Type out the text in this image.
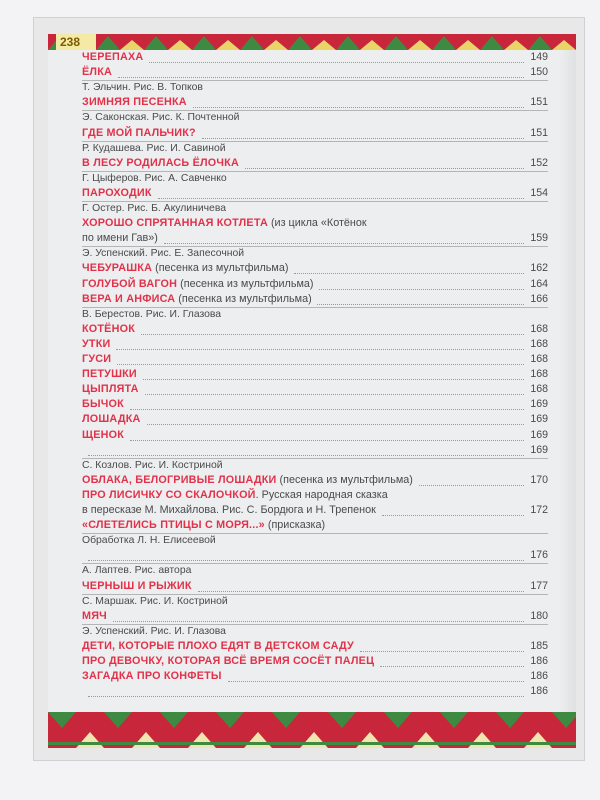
238
ЧЕРЕПАХА	149
ЁЛКА	150
Т. Эльчин. Рис. В. Топков
ЗИМНЯЯ ПЕСЕНКА	151
Э. Саконская. Рис. К. Почтенной
ГДЕ МОЙ ПАЛЬЧИК?	151
Р. Кудашева. Рис. И. Савиной
В ЛЕСУ РОДИЛАСЬ ЁЛОЧКА	152
Г. Цыферов. Рис. А. Савченко
ПАРОХОДИК	154
Г. Остер. Рис. Б. Акулиничева
ХОРОШО СПРЯТАННАЯ КОТЛЕТА (из цикла «Котёнок
по имени Гав»)	159
Э. Успенский. Рис. Е. Запесочной
ЧЕБУРАШКА (песенка из мультфильма)	162
ГОЛУБОЙ ВАГОН (песенка из мультфильма)	164
ВЕРА И АНФИСА (песенка из мультфильма)	166
В. Берестов. Рис. И. Глазова
КОТЁНОК	168
УТКИ	168
ГУСИ	168
ПЕТУШКИ	168
ЦЫПЛЯТА	168
БЫЧОК	169
ЛОШАДКА	169
ЩЕНОК	169
169
С. Козлов. Рис. И. Костриной
ОБЛАКА, БЕЛОГРИВЫЕ ЛОШАДКИ (песенка из мультфильма)	170
ПРО ЛИСИЧКУ СО СКАЛОЧКОЙ. Русская народная сказка
в пересказе М. Михайлова. Рис. С. Бордюга и Н. Трепенок	172
«СЛЕТЕЛИСЬ ПТИЦЫ С МОРЯ...» (присказка)
Обработка Л. Н. Елисеевой
176
А. Лаптев. Рис. автора
ЧЕРНЫШ И РЫЖИК	177
С. Маршак. Рис. И. Костриной
МЯЧ	180
Э. Успенский. Рис. И. Глазова
ДЕТИ, КОТОРЫЕ ПЛОХО ЕДЯТ В ДЕТСКОМ САДУ	185
ПРО ДЕВОЧКУ, КОТОРАЯ ВСЁ ВРЕМЯ СОСЁТ ПАЛЕЦ	186
ЗАГАДКА ПРО КОНФЕТЫ	186
186
